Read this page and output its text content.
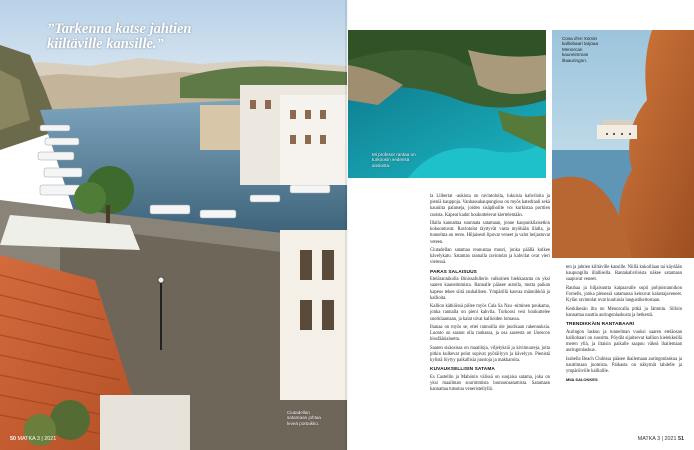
”Tarkenna katse jahtien kiiltäville kansille.”
Ciutadellan satamaan johtaa leveä portaikko.
50 MATKA 3 | 2021
Mi profesor rantaa on turkoosin vedensä ansiosta.
Cova d'en Xoroin kalliobaari tarjoaa Menorcan kauneimman iltaauringon.

la Llibertat -aukiota on ravintoloita, lukuisia kahviloita ja pieniä kauppoja. Vanhassakaupungissa on myös katedraali sekä kauniita palatseja, joiden sisäpihoille voi kurkistaa porttien raoista. Kapeat kadut houkuttelevat kiertelemään.

Illalla kannattaa suunnata satamaan, jonne kaupunkilaisetkin kokoontuvat. Ravintolat täyttyvät vasta myöhään illalla, ja tunnelma on rento. Hiljaisesti lipuvat veneet ja valot heijastuvat veteen.

Ciutadellan satamaa reunustaa muuri, jonka päällä kulkee kävelykatu. Sataman rannalla ravintolat ja kahvilat ovat vieri vieressä.

PARAS SALAISUUS

Etelärannikolla Binissafullerin valkoinen hiekkaranta on yksi saaren kauneimmista. Rannalle pääsee autolla, mutta paikan kapeus tekee siitä rauhallisen. Ympärillä kasvaa männikköä ja kallioita.

Kallion kätköissä piilee myös Cala Sa Nau -niminen poukama, jonka rannalla on pieni kahvila. Turkoosi vesi houkuttelee snorklaamaan, ja kalat uivat kallioiden lomassa.

Ihanaa on myös se, ettei rannoilla ole juurikaan rakennuksia. Luonto on saanut olla rauhassa, ja osa saaresta on Unescon biosfäärialuetta.

Saaren sisäosissa on maatiloja, viljelyksiä ja kivimuureja, joita pitkin kulkevat polut sopivat pyöräilyyn ja kävelyyn. Pienistä kylistä löytyy paikallisia juustoja ja makkaroita.

KUVAUKSELLISIN SATAMA

Es Castellin ja Mahónin välissä on suojaisa satama, joka on yksi maailman suurimmista luonnonsatamista. Satamaan kannattaa tutustua veneristeilyllä.

ten ja jahtien kiiltäville kansille. Niillä kokoillaan tai käydään kaupungilla illallisella. Rantakahviloista näkee satamaan saapuvat veneet.

Rauhaa ja hiljaisuutta kaipaavalle sopii pohjoisrannikon Fornells, jonka pienessä satamassa keinuvat kalastajaveneet. Kylän ravintolat ovat kuuluisia langustikeitostaan.

Keskikesän ilta on Menorcalla pitkä ja lämmin. Silloin kannattaa nauttia auringonlaskusta ja hetkestä.

TRENDIKKÄIN RANTABAARI

Auringon laskun ja tunnelman vuoksi saaren eteläosan kalliobaari on suosittu. Pöydät sijaitsevat kallion kielekkeillä meren yllä, ja iltaisin paikalle saapuu väkeä ihailemaan auringonlaskua.

Isabella Beach Clubissa pääsee ihailemaan auringonlaskua ja nauttimaan juomista. Paikasta on näkymät lahdelle ja ympäröiville kallioille.

MIIA SALOKKES
MATKA 3 | 2021 51
